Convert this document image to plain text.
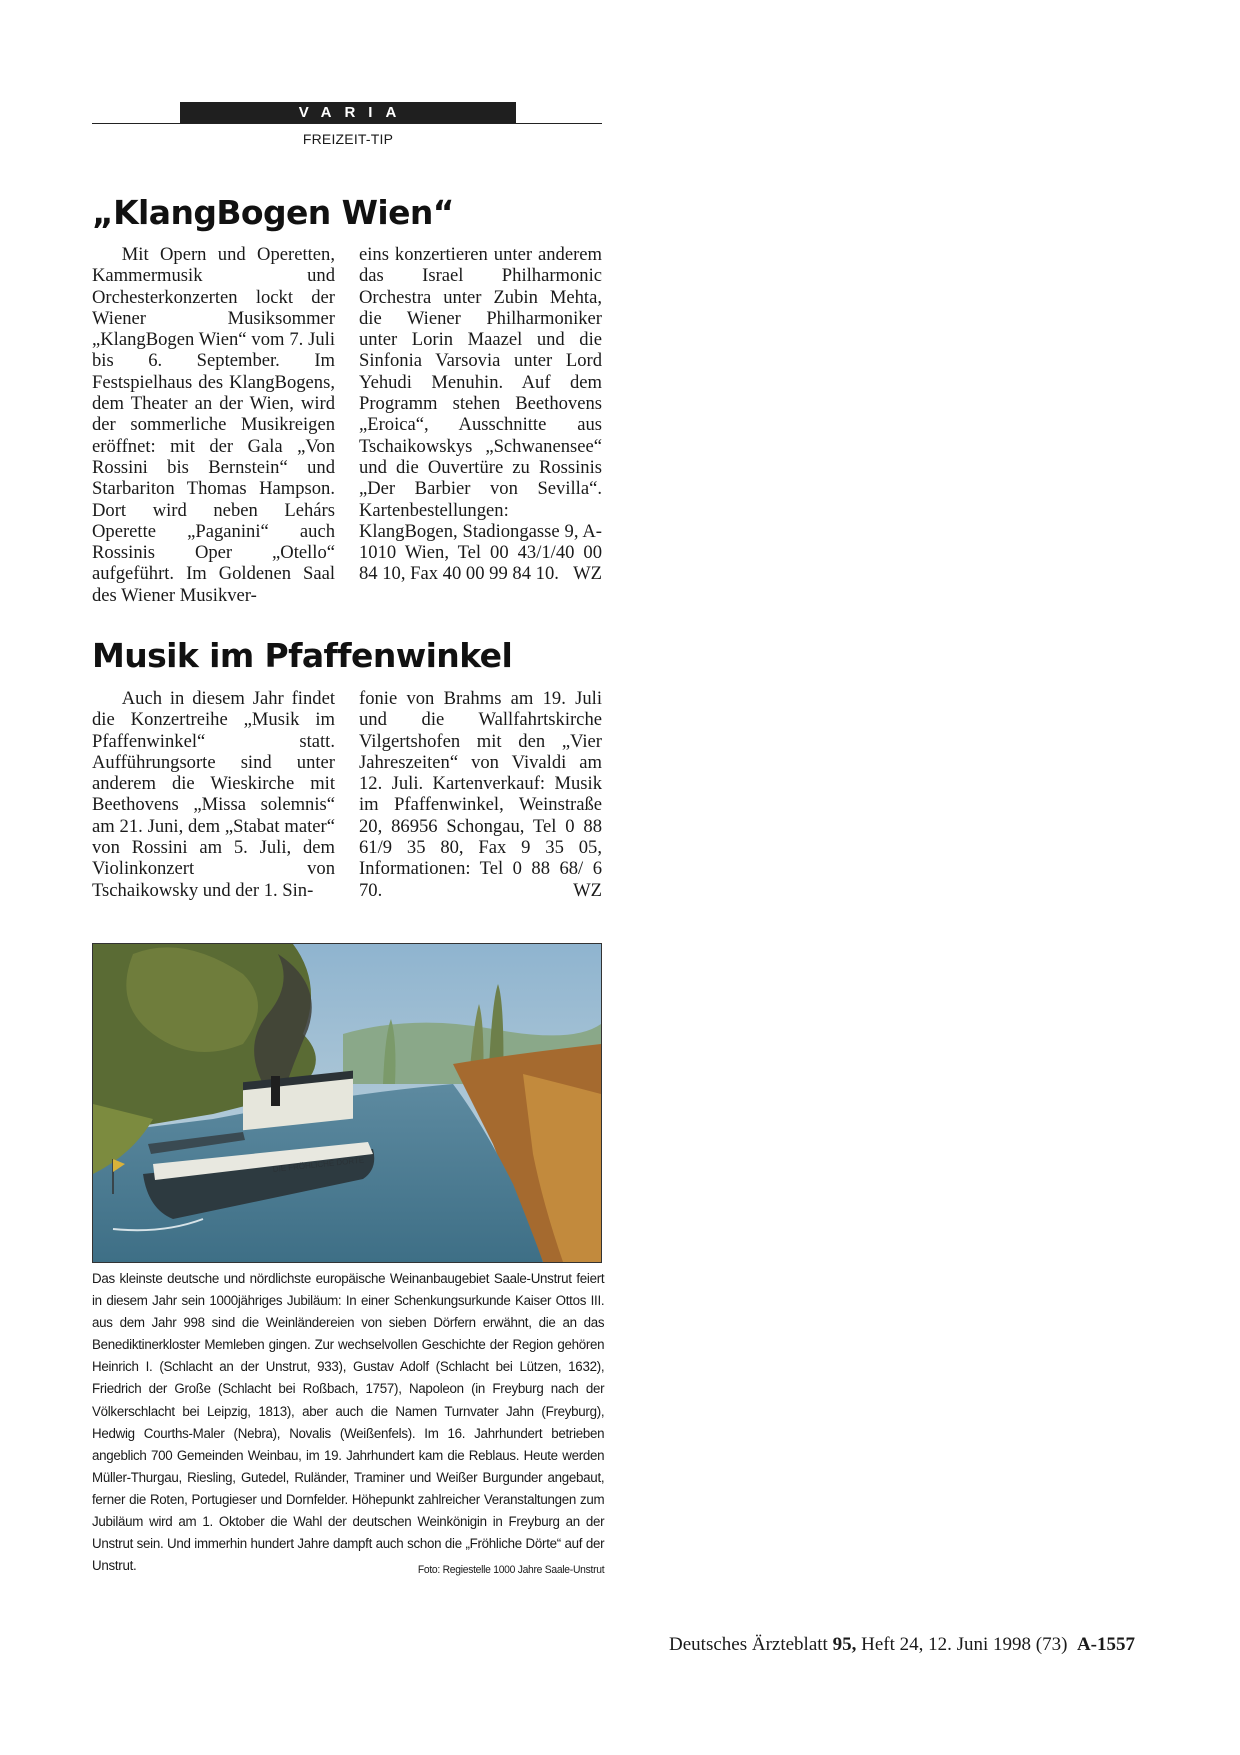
VARIA
FREIZEIT-TIP
„KlangBogen Wien“

Mit Opern und Operetten, Kammermusik und Orchesterkonzerten lockt der Wiener Musiksommer „KlangBogen Wien“ vom 7. Juli bis 6. September. Im Festspielhaus des KlangBogens, dem Theater an der Wien, wird der sommerliche Musikreigen eröffnet: mit der Gala „Von Rossini bis Bernstein“ und Starbariton Thomas Hampson. Dort wird neben Lehárs Operette „Paganini“ auch Rossinis Oper „Otello“ aufgeführt. Im Goldenen Saal des Wiener Musikver-

eins konzertieren unter anderem das Israel Philharmonic Orchestra unter Zubin Mehta, die Wiener Philharmoniker unter Lorin Maazel und die Sinfonia Varsovia unter Lord Yehudi Menuhin. Auf dem Programm stehen Beethovens „Eroica“, Ausschnitte aus Tschaikowskys „Schwanensee“ und die Ouvertüre zu Rossinis „Der Barbier von Sevilla“. Kartenbestellungen: KlangBogen, Stadiongasse 9, A-1010 Wien, Tel 00 43/1/40 00 84 10, Fax 40 00 99 84 10. WZ

Musik im Pfaffenwinkel

Auch in diesem Jahr findet die Konzertreihe „Musik im Pfaffenwinkel“ statt. Aufführungsorte sind unter anderem die Wieskirche mit Beethovens „Missa solemnis“ am 21. Juni, dem „Stabat mater“ von Rossini am 5. Juli, dem Violinkonzert von Tschaikowsky und der 1. Sin-

fonie von Brahms am 19. Juli und die Wallfahrtskirche Vilgertshofen mit den „Vier Jahreszeiten“ von Vivaldi am 12. Juli. Kartenverkauf: Musik im Pfaffenwinkel, Weinstraße 20, 86956 Schongau, Tel 0 88 61/9 35 80, Fax 9 35 05, Informationen: Tel 0 88 68/ 6 70.	WZ

DIE FRÖHLICHE DÖRTE
Das kleinste deutsche und nördlichste europäische Weinanbaugebiet Saale-Unstrut feiert in diesem Jahr sein 1000jähriges Jubiläum: In einer Schenkungsurkunde Kaiser Ottos III. aus dem Jahr 998 sind die Weinländereien von sieben Dörfern erwähnt, die an das Benediktinerkloster Memleben gingen. Zur wechselvollen Geschichte der Region gehören Heinrich I. (Schlacht an der Unstrut, 933), Gustav Adolf (Schlacht bei Lützen, 1632), Friedrich der Große (Schlacht bei Roßbach, 1757), Napoleon (in Freyburg nach der Völkerschlacht bei Leipzig, 1813), aber auch die Namen Turnvater Jahn (Freyburg), Hedwig Courths-Maler (Nebra), Novalis (Weißenfels). Im 16. Jahrhundert betrieben angeblich 700 Gemeinden Weinbau, im 19. Jahrhundert kam die Reblaus. Heute werden Müller-Thurgau, Riesling, Gutedel, Ruländer, Traminer und Weißer Burgunder angebaut, ferner die Roten, Portugieser und Dornfelder. Höhepunkt zahlreicher Veranstaltungen zum Jubiläum wird am 1. Oktober die Wahl der deutschen Weinkönigin in Freyburg an der Unstrut sein. Und immerhin hundert Jahre dampft auch schon die „Fröhliche Dörte“ auf der Unstrut.	Foto: Regiestelle 1000 Jahre Saale-Unstrut
Deutsches Ärzteblatt 95, Heft 24, 12. Juni 1998 (73) A-1557
